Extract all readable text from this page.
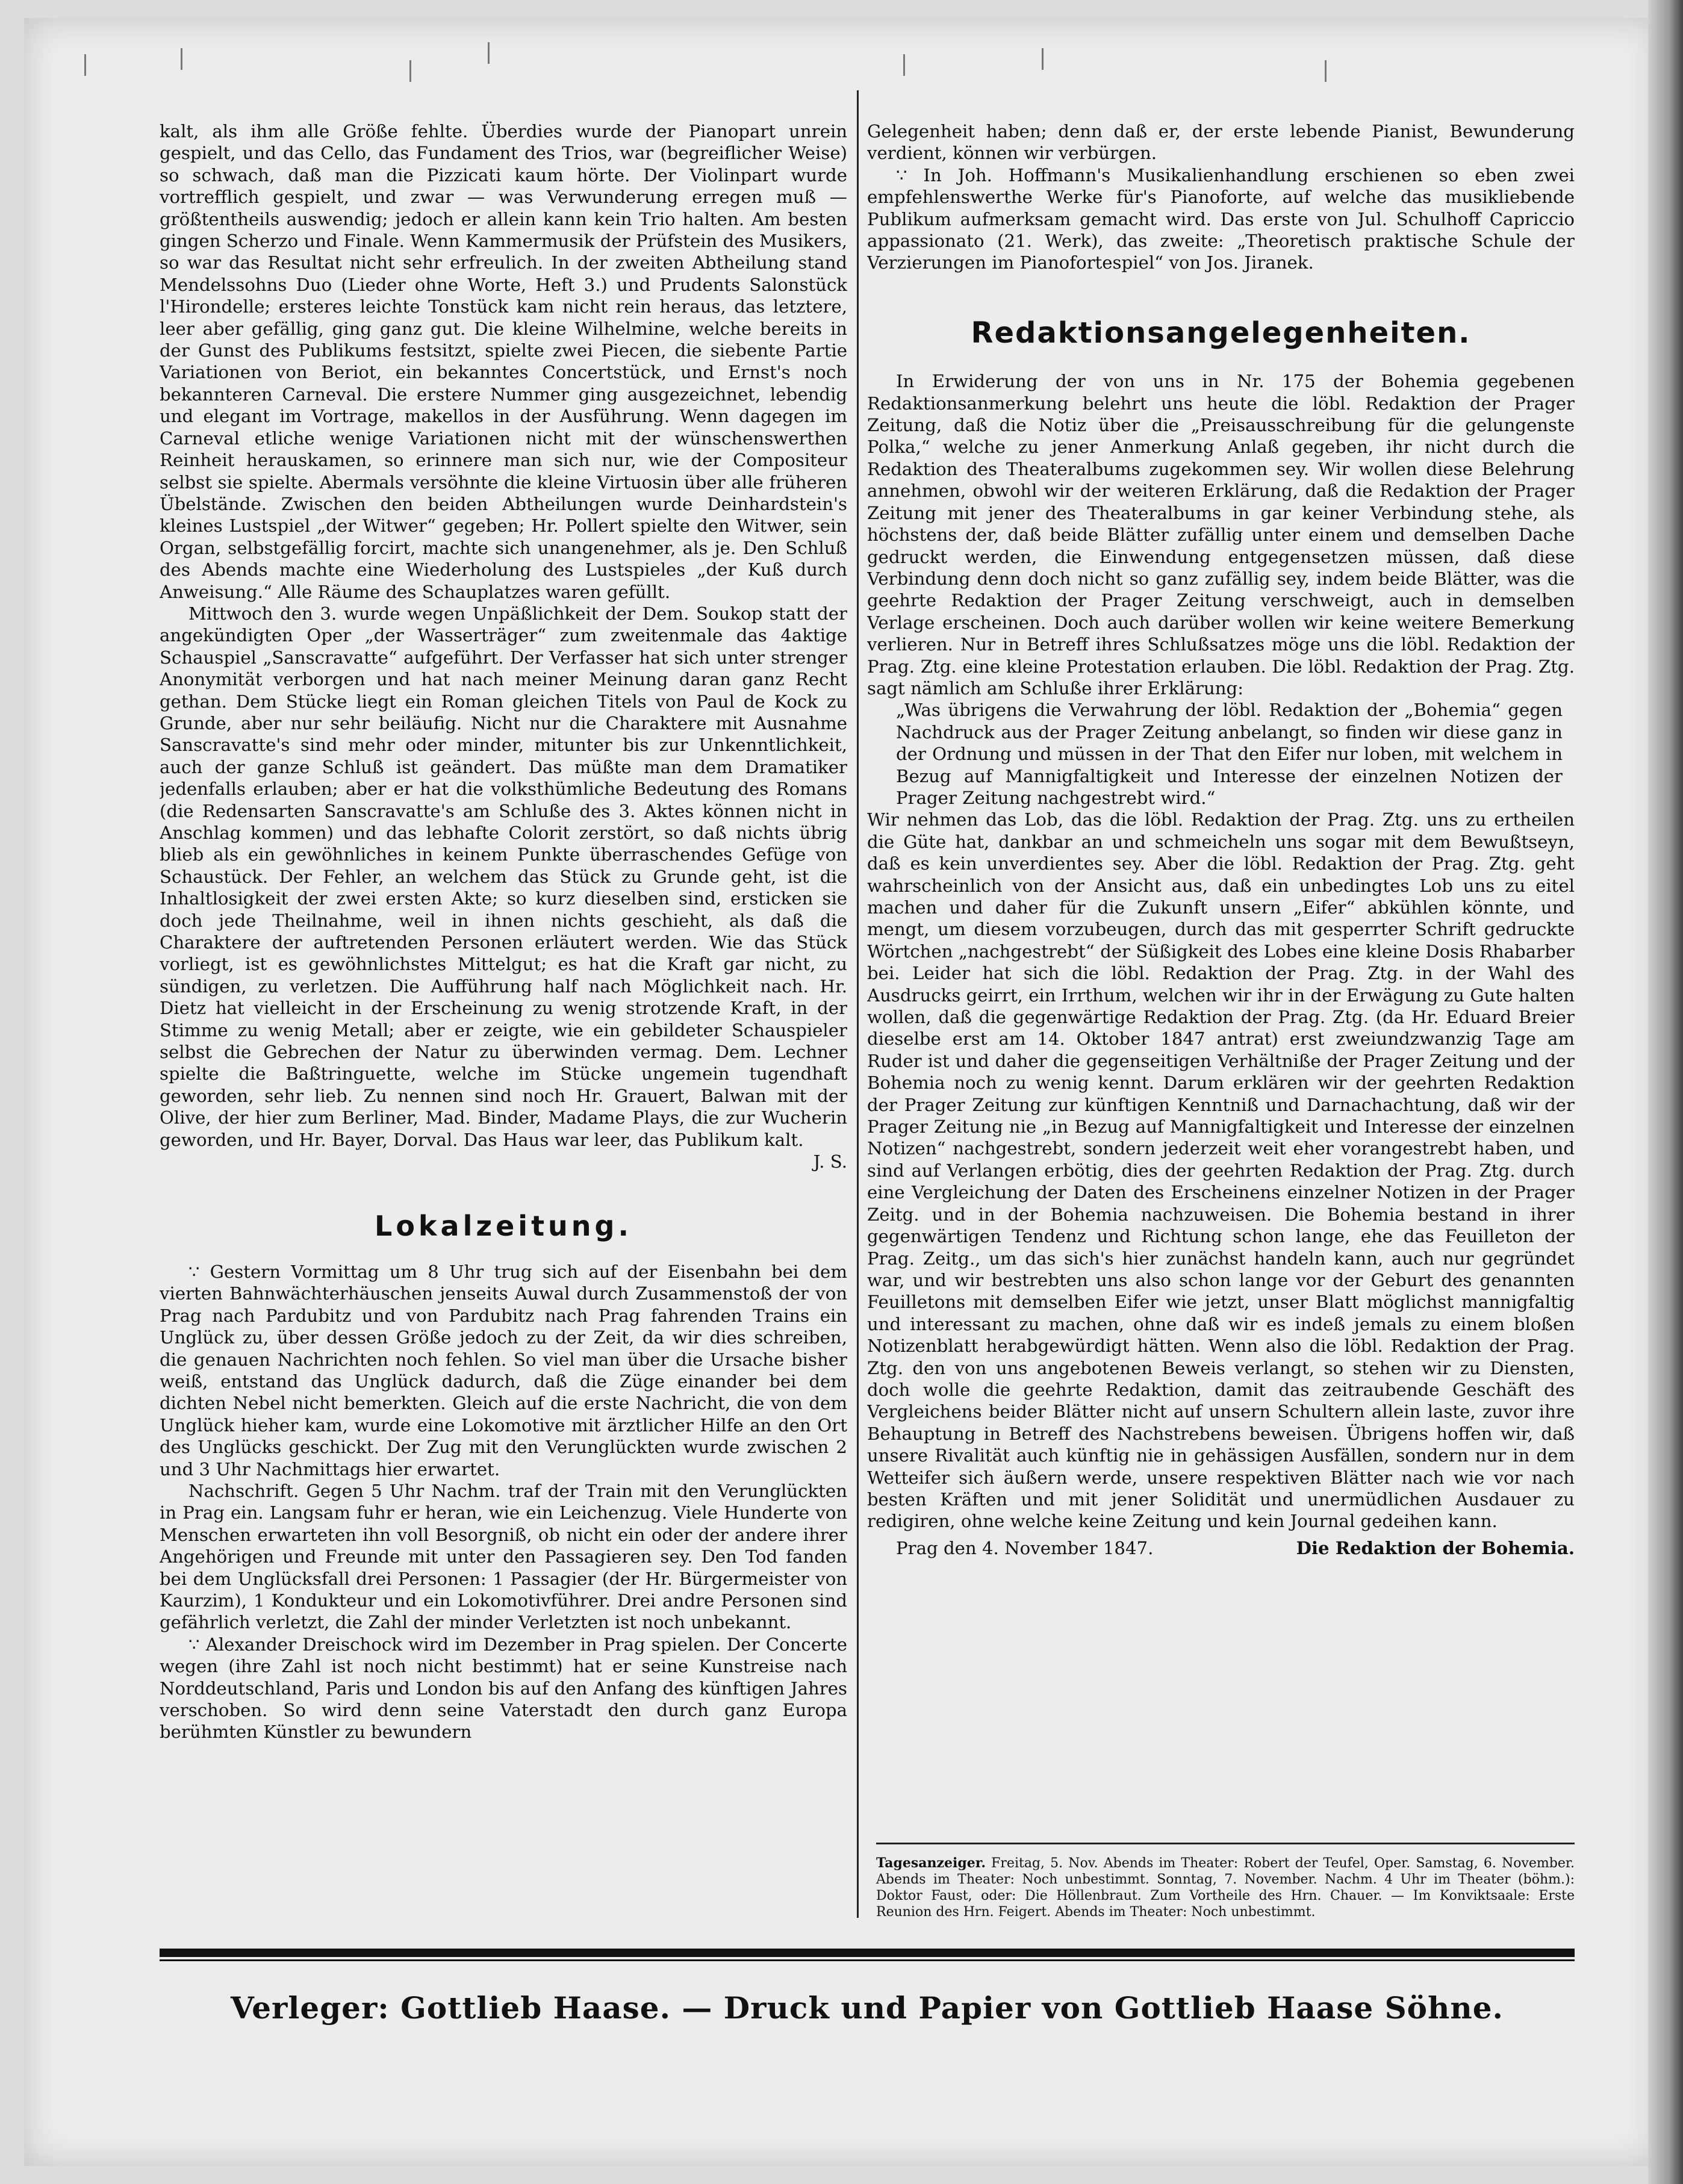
kalt, als ihm alle Größe fehlte. Überdies wurde der Pianopart unrein gespielt, und das Cello, das Fundament des Trios, war (begreiflicher Weise) so schwach, daß man die Pizzicati kaum hörte. Der Violinpart wurde vortrefflich gespielt, und zwar — was Verwunderung erregen muß — größtentheils auswendig; jedoch er allein kann kein Trio halten. Am besten gingen Scherzo und Finale. Wenn Kammermusik der Prüfstein des Musikers, so war das Resultat nicht sehr erfreulich. In der zweiten Abtheilung stand Mendelssohns Duo (Lieder ohne Worte, Heft 3.) und Prudents Salonstück l'Hirondelle; ersteres leichte Tonstück kam nicht rein heraus, das letztere, leer aber gefällig, ging ganz gut. Die kleine Wilhelmine, welche bereits in der Gunst des Publikums festsitzt, spielte zwei Piecen, die siebente Partie Variationen von Beriot, ein bekanntes Concertstück, und Ernst's noch bekannteren Carneval. Die erstere Nummer ging ausgezeichnet, lebendig und elegant im Vortrage, makellos in der Ausführung. Wenn dagegen im Carneval etliche wenige Variationen nicht mit der wünschenswerthen Reinheit herauskamen, so erinnere man sich nur, wie der Compositeur selbst sie spielte. Abermals versöhnte die kleine Virtuosin über alle früheren Übelstände. Zwischen den beiden Abtheilungen wurde Deinhardstein's kleines Lustspiel „der Witwer“ gegeben; Hr. Pollert spielte den Witwer, sein Organ, selbstgefällig forcirt, machte sich unangenehmer, als je. Den Schluß des Abends machte eine Wiederholung des Lustspieles „der Kuß durch Anweisung.“ Alle Räume des Schauplatzes waren gefüllt.

Mittwoch den 3. wurde wegen Unpäßlichkeit der Dem. Soukop statt der angekündigten Oper „der Wasserträger“ zum zweitenmale das 4aktige Schauspiel „Sanscravatte“ aufgeführt. Der Verfasser hat sich unter strenger Anonymität verborgen und hat nach meiner Meinung daran ganz Recht gethan. Dem Stücke liegt ein Roman gleichen Titels von Paul de Kock zu Grunde, aber nur sehr beiläufig. Nicht nur die Charaktere mit Ausnahme Sanscravatte's sind mehr oder minder, mitunter bis zur Unkenntlichkeit, auch der ganze Schluß ist geändert. Das müßte man dem Dramatiker jedenfalls erlauben; aber er hat die volksthümliche Bedeutung des Romans (die Redensarten Sanscravatte's am Schluße des 3. Aktes können nicht in Anschlag kommen) und das lebhafte Colorit zerstört, so daß nichts übrig blieb als ein gewöhnliches in keinem Punkte überraschendes Gefüge von Schaustück. Der Fehler, an welchem das Stück zu Grunde geht, ist die Inhaltlosigkeit der zwei ersten Akte; so kurz dieselben sind, ersticken sie doch jede Theilnahme, weil in ihnen nichts geschieht, als daß die Charaktere der auftretenden Personen erläutert werden. Wie das Stück vorliegt, ist es gewöhnlichstes Mittelgut; es hat die Kraft gar nicht, zu sündigen, zu verletzen. Die Aufführung half nach Möglichkeit nach. Hr. Dietz hat vielleicht in der Erscheinung zu wenig strotzende Kraft, in der Stimme zu wenig Metall; aber er zeigte, wie ein gebildeter Schauspieler selbst die Gebrechen der Natur zu überwinden vermag. Dem. Lechner spielte die Baßtringuette, welche im Stücke ungemein tugendhaft geworden, sehr lieb. Zu nennen sind noch Hr. Grauert, Balwan mit der Olive, der hier zum Berliner, Mad. Binder, Madame Plays, die zur Wucherin geworden, und Hr. Bayer, Dorval. Das Haus war leer, das Publikum kalt.

J. S.

Lokalzeitung.

∵ Gestern Vormittag um 8 Uhr trug sich auf der Eisenbahn bei dem vierten Bahnwächterhäuschen jenseits Auwal durch Zusammenstoß der von Prag nach Pardubitz und von Pardubitz nach Prag fahrenden Trains ein Unglück zu, über dessen Größe jedoch zu der Zeit, da wir dies schreiben, die genauen Nachrichten noch fehlen. So viel man über die Ursache bisher weiß, entstand das Unglück dadurch, daß die Züge einander bei dem dichten Nebel nicht bemerkten. Gleich auf die erste Nachricht, die von dem Unglück hieher kam, wurde eine Lokomotive mit ärztlicher Hilfe an den Ort des Unglücks geschickt. Der Zug mit den Verunglückten wurde zwischen 2 und 3 Uhr Nachmittags hier erwartet.

Nachschrift. Gegen 5 Uhr Nachm. traf der Train mit den Verunglückten in Prag ein. Langsam fuhr er heran, wie ein Leichenzug. Viele Hunderte von Menschen erwarteten ihn voll Besorgniß, ob nicht ein oder der andere ihrer Angehörigen und Freunde mit unter den Passagieren sey. Den Tod fanden bei dem Unglücksfall drei Personen: 1 Passagier (der Hr. Bürgermeister von Kaurzim), 1 Kondukteur und ein Lokomotivführer. Drei andre Personen sind gefährlich verletzt, die Zahl der minder Verletzten ist noch unbekannt.

∵ Alexander Dreischock wird im Dezember in Prag spielen. Der Concerte wegen (ihre Zahl ist noch nicht bestimmt) hat er seine Kunstreise nach Norddeutschland, Paris und London bis auf den Anfang des künftigen Jahres verschoben. So wird denn seine Vaterstadt den durch ganz Europa berühmten Künstler zu bewundern

Gelegenheit haben; denn daß er, der erste lebende Pianist, Bewunderung verdient, können wir verbürgen.

∵ In Joh. Hoffmann's Musikalienhandlung erschienen so eben zwei empfehlenswerthe Werke für's Pianoforte, auf welche das musikliebende Publikum aufmerksam gemacht wird. Das erste von Jul. Schulhoff Capriccio appassionato (21. Werk), das zweite: „Theoretisch praktische Schule der Verzierungen im Pianofortespiel“ von Jos. Jiranek.

Redaktionsangelegenheiten.

In Erwiderung der von uns in Nr. 175 der Bohemia gegebenen Redaktionsanmerkung belehrt uns heute die löbl. Redaktion der Prager Zeitung, daß die Notiz über die „Preisausschreibung für die gelungenste Polka,“ welche zu jener Anmerkung Anlaß gegeben, ihr nicht durch die Redaktion des Theateralbums zugekommen sey. Wir wollen diese Belehrung annehmen, obwohl wir der weiteren Erklärung, daß die Redaktion der Prager Zeitung mit jener des Theateralbums in gar keiner Verbindung stehe, als höchstens der, daß beide Blätter zufällig unter einem und demselben Dache gedruckt werden, die Einwendung entgegensetzen müssen, daß diese Verbindung denn doch nicht so ganz zufällig sey, indem beide Blätter, was die geehrte Redaktion der Prager Zeitung verschweigt, auch in demselben Verlage erscheinen. Doch auch darüber wollen wir keine weitere Bemerkung verlieren. Nur in Betreff ihres Schlußsatzes möge uns die löbl. Redaktion der Prag. Ztg. eine kleine Protestation erlauben. Die löbl. Redaktion der Prag. Ztg. sagt nämlich am Schluße ihrer Erklärung:

„Was übrigens die Verwahrung der löbl. Redaktion der „Bohemia“ gegen Nachdruck aus der Prager Zeitung anbelangt, so finden wir diese ganz in der Ordnung und müssen in der That den Eifer nur loben, mit welchem in Bezug auf Mannigfaltigkeit und Interesse der einzelnen Notizen der Prager Zeitung nachgestrebt wird.“

Wir nehmen das Lob, das die löbl. Redaktion der Prag. Ztg. uns zu ertheilen die Güte hat, dankbar an und schmeicheln uns sogar mit dem Bewußtseyn, daß es kein unverdientes sey. Aber die löbl. Redaktion der Prag. Ztg. geht wahrscheinlich von der Ansicht aus, daß ein unbedingtes Lob uns zu eitel machen und daher für die Zukunft unsern „Eifer“ abkühlen könnte, und mengt, um diesem vorzubeugen, durch das mit gesperrter Schrift gedruckte Wörtchen „nachgestrebt“ der Süßigkeit des Lobes eine kleine Dosis Rhabarber bei. Leider hat sich die löbl. Redaktion der Prag. Ztg. in der Wahl des Ausdrucks geirrt, ein Irrthum, welchen wir ihr in der Erwägung zu Gute halten wollen, daß die gegenwärtige Redaktion der Prag. Ztg. (da Hr. Eduard Breier dieselbe erst am 14. Oktober 1847 antrat) erst zweiundzwanzig Tage am Ruder ist und daher die gegenseitigen Verhältniße der Prager Zeitung und der Bohemia noch zu wenig kennt. Darum erklären wir der geehrten Redaktion der Prager Zeitung zur künftigen Kenntniß und Darnachachtung, daß wir der Prager Zeitung nie „in Bezug auf Mannigfaltigkeit und Interesse der einzelnen Notizen“ nachgestrebt, sondern jederzeit weit eher vorangestrebt haben, und sind auf Verlangen erbötig, dies der geehrten Redaktion der Prag. Ztg. durch eine Vergleichung der Daten des Erscheinens einzelner Notizen in der Prager Zeitg. und in der Bohemia nachzuweisen. Die Bohemia bestand in ihrer gegenwärtigen Tendenz und Richtung schon lange, ehe das Feuilleton der Prag. Zeitg., um das sich's hier zunächst handeln kann, auch nur gegründet war, und wir bestrebten uns also schon lange vor der Geburt des genannten Feuilletons mit demselben Eifer wie jetzt, unser Blatt möglichst mannigfaltig und interessant zu machen, ohne daß wir es indeß jemals zu einem bloßen Notizenblatt herabgewürdigt hätten. Wenn also die löbl. Redaktion der Prag. Ztg. den von uns angebotenen Beweis verlangt, so stehen wir zu Diensten, doch wolle die geehrte Redaktion, damit das zeitraubende Geschäft des Vergleichens beider Blätter nicht auf unsern Schultern allein laste, zuvor ihre Behauptung in Betreff des Nachstrebens beweisen. Übrigens hoffen wir, daß unsere Rivalität auch künftig nie in gehässigen Ausfällen, sondern nur in dem Wetteifer sich äußern werde, unsere respektiven Blätter nach wie vor nach besten Kräften und mit jener Solidität und unermüdlichen Ausdauer zu redigiren, ohne welche keine Zeitung und kein Journal gedeihen kann.

Prag den 4. November 1847.	Die Redaktion der Bohemia.
Tagesanzeiger. Freitag, 5. Nov. Abends im Theater: Robert der Teufel, Oper. Samstag, 6. November. Abends im Theater: Noch unbestimmt. Sonntag, 7. November. Nachm. 4 Uhr im Theater (böhm.): Doktor Faust, oder: Die Höllenbraut. Zum Vortheile des Hrn. Chauer. — Im Konviktsaale: Erste Reunion des Hrn. Feigert. Abends im Theater: Noch unbestimmt.
Verleger: Gottlieb Haase. — Druck und Papier von Gottlieb Haase Söhne.
